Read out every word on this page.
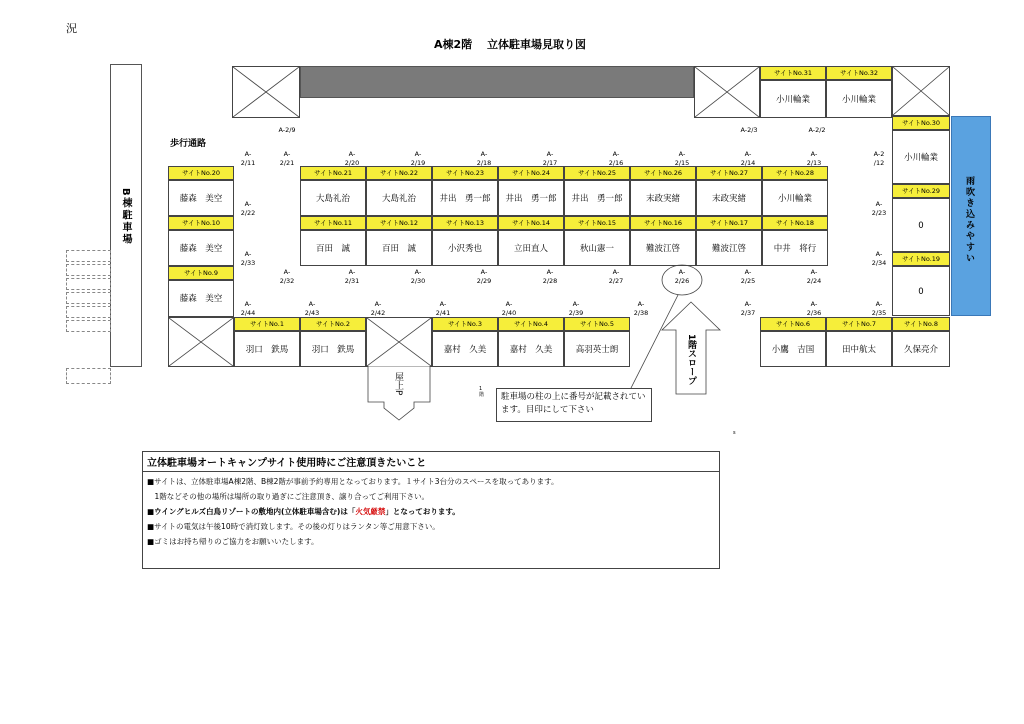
況
A棟2階　 立体駐車場見取り図
B棟駐車場
歩行通路
雨吹き込みやすい
サイトNo.31
小川輪業
サイトNo.32
小川輪業
サイトNo.30
小川輪業
サイトNo.29
0
サイトNo.19
0
サイトNo.20
藤森　美空
サイトNo.10
藤森　美空
サイトNo.9
藤森　美空
サイトNo.21
大島礼治
サイトNo.22
大島礼治
サイトNo.23
井出　勇一郎
サイトNo.24
井出　勇一郎
サイトNo.25
井出　勇一郎
サイトNo.26
末政実緒
サイトNo.27
末政実緒
サイトNo.28
小川輪業
サイトNo.11
百田　誠
サイトNo.12
百田　誠
サイトNo.13
小沢秀也
サイトNo.14
立田直人
サイトNo.15
秋山憲一
サイトNo.16
難波江啓
サイトNo.17
難波江啓
サイトNo.18
中井　将行
サイトNo.1
羽口　鉄馬
サイトNo.2
羽口　鉄馬
サイトNo.3
嘉村　久美
サイトNo.4
嘉村　久美
サイトNo.5
高羽英士朗
サイトNo.6
小鷹　吉国
サイトNo.7
田中航太
サイトNo.8
久保亮介
A-2/9	A-2/3	A-2/2
A-
2/11
A-
2/21
A-
2/20
A-
2/19
A-
2/18
A-
2/17
A-
2/16
A-
2/15
A-
2/14
A-
2/13
A-2
/12
A-
2/22
A-
2/23
A-
2/33
A-
2/34
A-
2/32
A-
2/31
A-
2/30
A-
2/29
A-
2/28
A-
2/27
A-
2/26
A-
2/25
A-
2/24
A-
2/44
A-
2/43
A-
2/42
A-
2/41
A-
2/40
A-
2/39
A-
2/38
A-
2/37
A-
2/36
A-
2/35
駐車場の柱の上に番号が記載されています。目印にして下さい
1階
s
屋上P	1階スロープ
立体駐車場オートキャンプサイト使用時にご注意頂きたいこと
■サイトは、立体駐車場A棟2階、B棟2階が事前予約専用となっております。１サイト3台分のスペースを取ってあります。
　1階などその他の場所は場所の取り過ぎにご注意頂き、譲り合ってご利用下さい。
■ウイングヒルズ白鳥リゾートの敷地内(立体駐車場含む)は「火気厳禁」となっております。
■サイトの電気は午後10時で消灯致します。その後の灯りはランタン等ご用意下さい。
■ゴミはお持ち帰りのご協力をお願いいたします。
